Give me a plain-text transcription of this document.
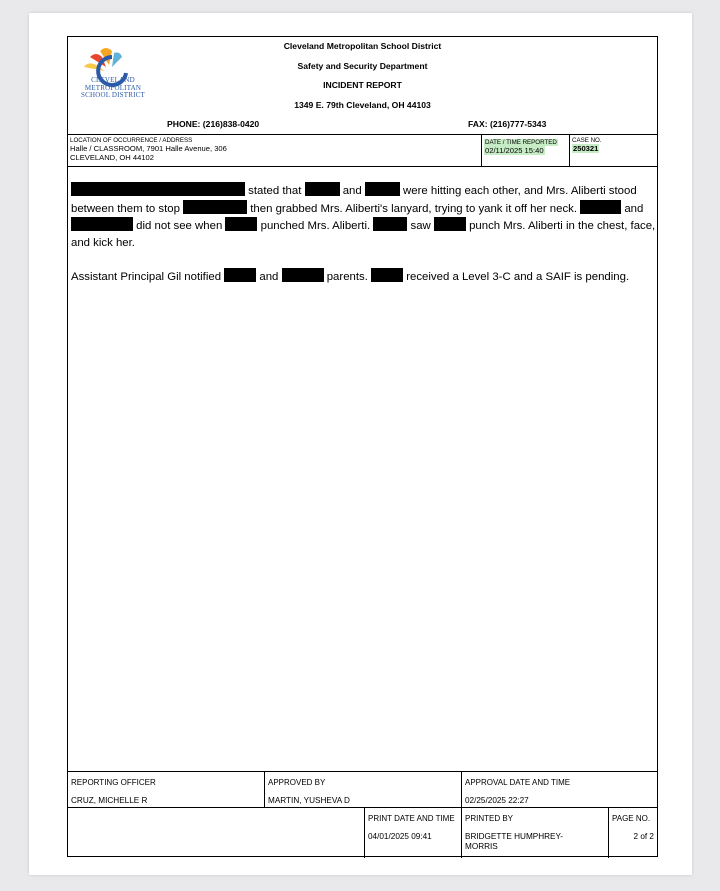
CLEVELAND
METROPOLITAN
SCHOOL DISTRICT
Cleveland Metropolitan School District
Safety and Security Department
INCIDENT REPORT
1349 E. 79th Cleveland, OH 44103
PHONE: (216)838-0420	FAX: (216)777-5343
LOCATION OF OCCURRENCE / ADDRESS
Halle / CLASSROOM, 7901 Halle Avenue, 306
CLEVELAND, OH 44102
DATE / TIME REPORTED 02/11/2025 15:40
CASE NO.
250321

stated that	and	were hitting each other, and Mrs. Aliberti stood between them to stop	then grabbed Mrs. Aliberti's lanyard, trying to yank it off her neck.	and  did not see when	punched Mrs. Aliberti.	saw	punch Mrs. Aliberti in the chest, face, and kick her.

Assistant Principal Gil notified	and	parents.	received a Level 3-C and a SAIF is pending.

REPORTING OFFICER
CRUZ, MICHELLE R
APPROVED BY
MARTIN, YUSHEVA D
APPROVAL DATE AND TIME
02/25/2025 22:27
PRINT DATE AND TIME
04/01/2025 09:41
PRINTED BY
BRIDGETTE HUMPHREY-MORRIS
PAGE NO.
2 of 2
